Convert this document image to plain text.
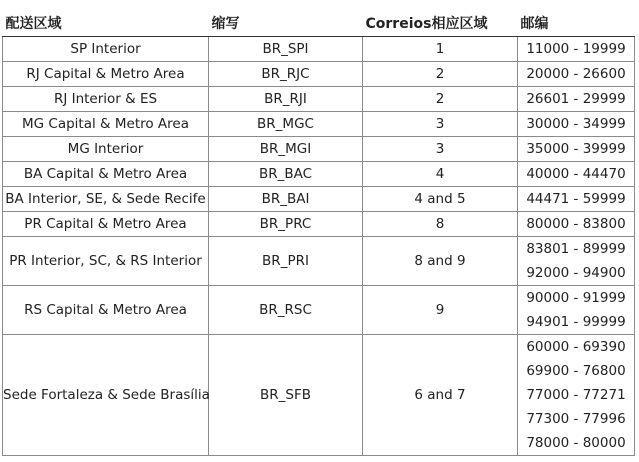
配送区域	缩写	Correios相应区域	邮编
SP Interior	BR_SPI	1	11000 - 19999

RJ Capital & Metro Area	BR_RJC	2	20000 - 26600

RJ Interior & ES	BR_RJI	2	26601 - 29999

MG Capital & Metro Area	BR_MGC	3	30000 - 34999

MG Interior	BR_MGI	3	35000 - 39999

BA Capital & Metro Area	BR_BAC	4	40000 - 44470

BA Interior, SE, & Sede Recife	BR_BAI	4 and 5	44471 - 59999

PR Capital & Metro Area	BR_PRC	8	80000 - 83800

PR Interior, SC, & RS Interior	BR_PRI	8 and 9	83801 - 89999
92000 - 94900

RS Capital & Metro Area	BR_RSC	9	90000 - 91999
94901 - 99999

Sede Fortaleza & Sede Brasília	BR_SFB	6 and 7	60000 - 69390
69900 - 76800
77000 - 77271
77300 - 77996
78000 - 80000
